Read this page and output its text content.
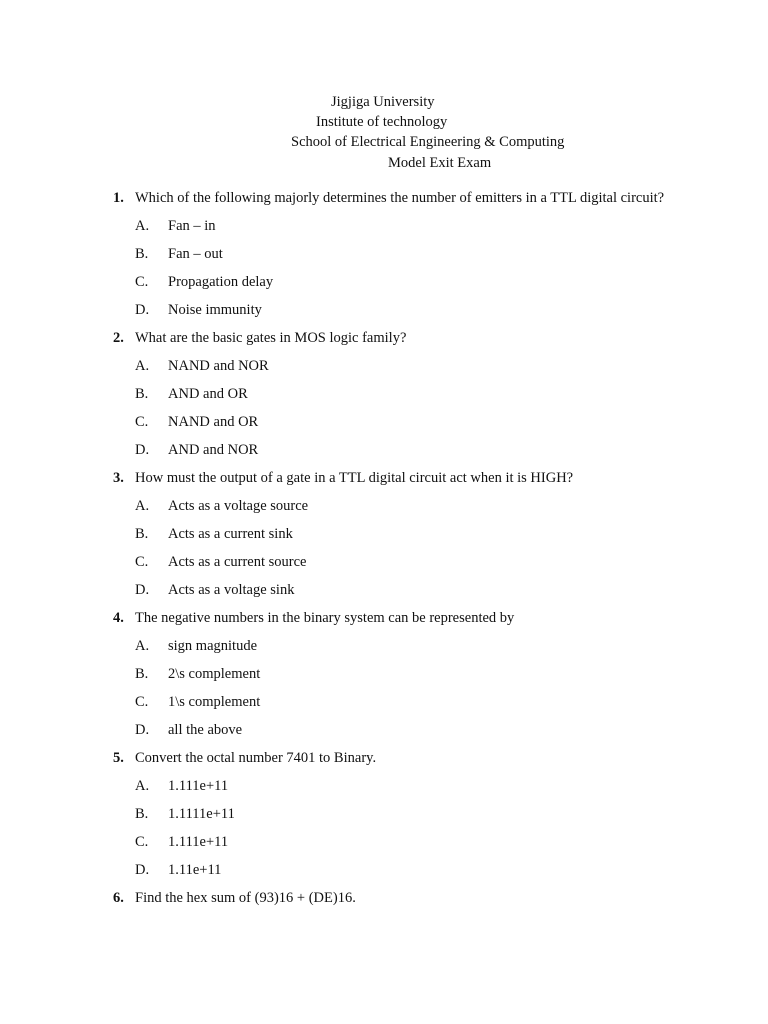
Jigjiga University
Institute of technology
School of Electrical Engineering & Computing
Model Exit Exam
1. Which of the following majorly determines the number of emitters in a TTL digital circuit?
A. Fan – in
B. Fan – out
C. Propagation delay
D. Noise immunity
2. What are the basic gates in MOS logic family?
A. NAND and NOR
B. AND and OR
C. NAND and OR
D. AND and NOR
3. How must the output of a gate in a TTL digital circuit act when it is HIGH?
A. Acts as a voltage source
B. Acts as a current sink
C. Acts as a current source
D. Acts as a voltage sink
4. The negative numbers in the binary system can be represented by
A. sign magnitude
B. 2\s complement
C. 1\s complement
D. all the above
5. Convert the octal number 7401 to Binary.
A. 1.111e+11
B. 1.1111e+11
C. 1.111e+11
D. 1.11e+11
6. Find the hex sum of (93)16 + (DE)16.
